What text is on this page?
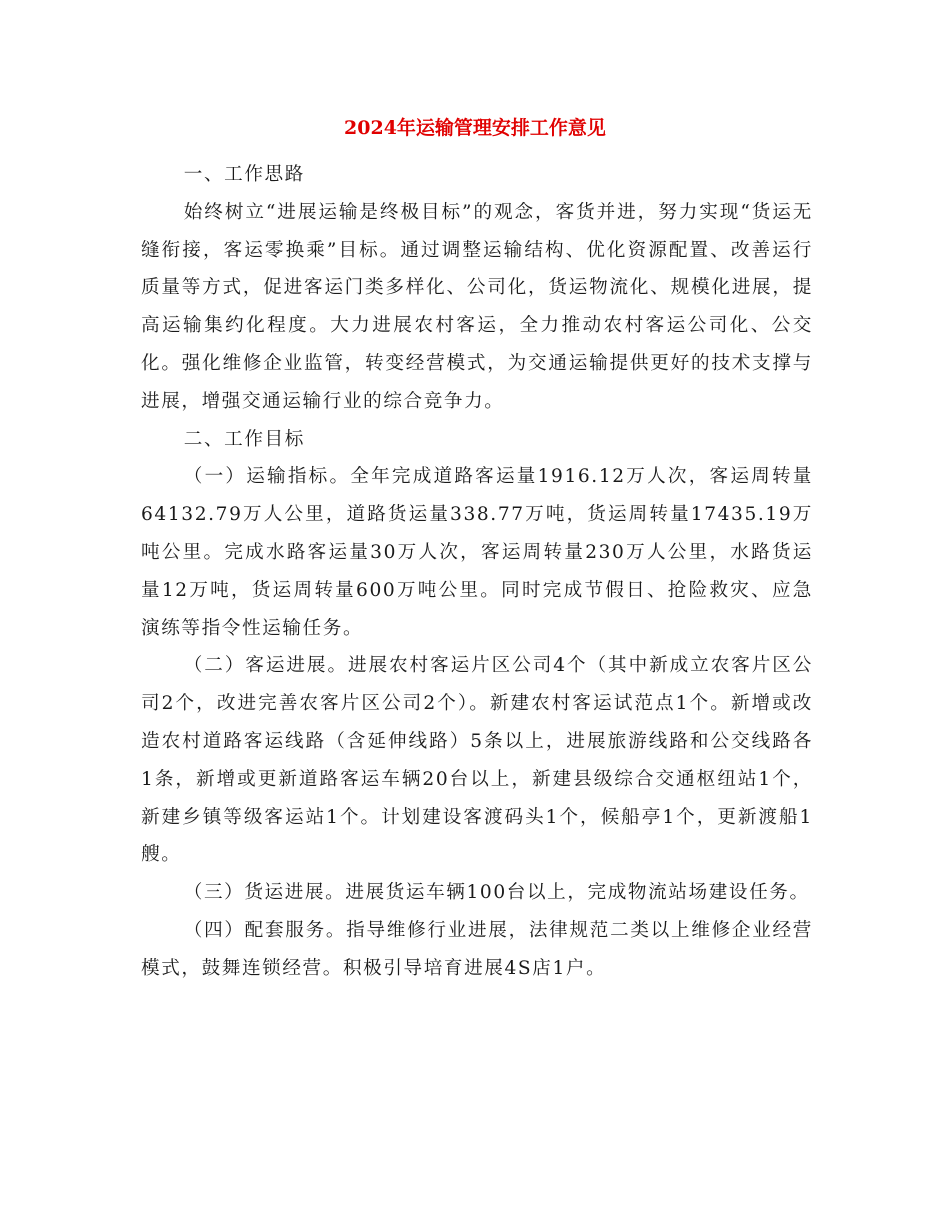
2024年运输管理安排工作意见
一、工作思路

始终树立“进展运输是终极目标”的观念，客货并进，努力实现“货运无缝衔接，客运零换乘”目标。通过调整运输结构、优化资源配置、改善运行质量等方式，促进客运门类多样化、公司化，货运物流化、规模化进展，提高运输集约化程度。大力进展农村客运，全力推动农村客运公司化、公交化。强化维修企业监管，转变经营模式，为交通运输提供更好的技术支撑与进展，增强交通运输行业的综合竞争力。

二、工作目标

（一）运输指标。全年完成道路客运量1916.12万人次，客运周转量64132.79万人公里，道路货运量338.77万吨，货运周转量17435.19万吨公里。完成水路客运量30万人次，客运周转量230万人公里，水路货运量12万吨，货运周转量600万吨公里。同时完成节假日、抢险救灾、应急演练等指令性运输任务。

（二）客运进展。进展农村客运片区公司4个（其中新成立农客片区公司2个，改进完善农客片区公司2个）。新建农村客运试范点1个。新增或改造农村道路客运线路（含延伸线路）5条以上，进展旅游线路和公交线路各1条，新增或更新道路客运车辆20台以上，新建县级综合交通枢纽站1个，新建乡镇等级客运站1个。计划建设客渡码头1个，候船亭1个，更新渡船1艘。

（三）货运进展。进展货运车辆100台以上，完成物流站场建设任务。

（四）配套服务。指导维修行业进展，法律规范二类以上维修企业经营模式，鼓舞连锁经营。积极引导培育进展4S店1户。
